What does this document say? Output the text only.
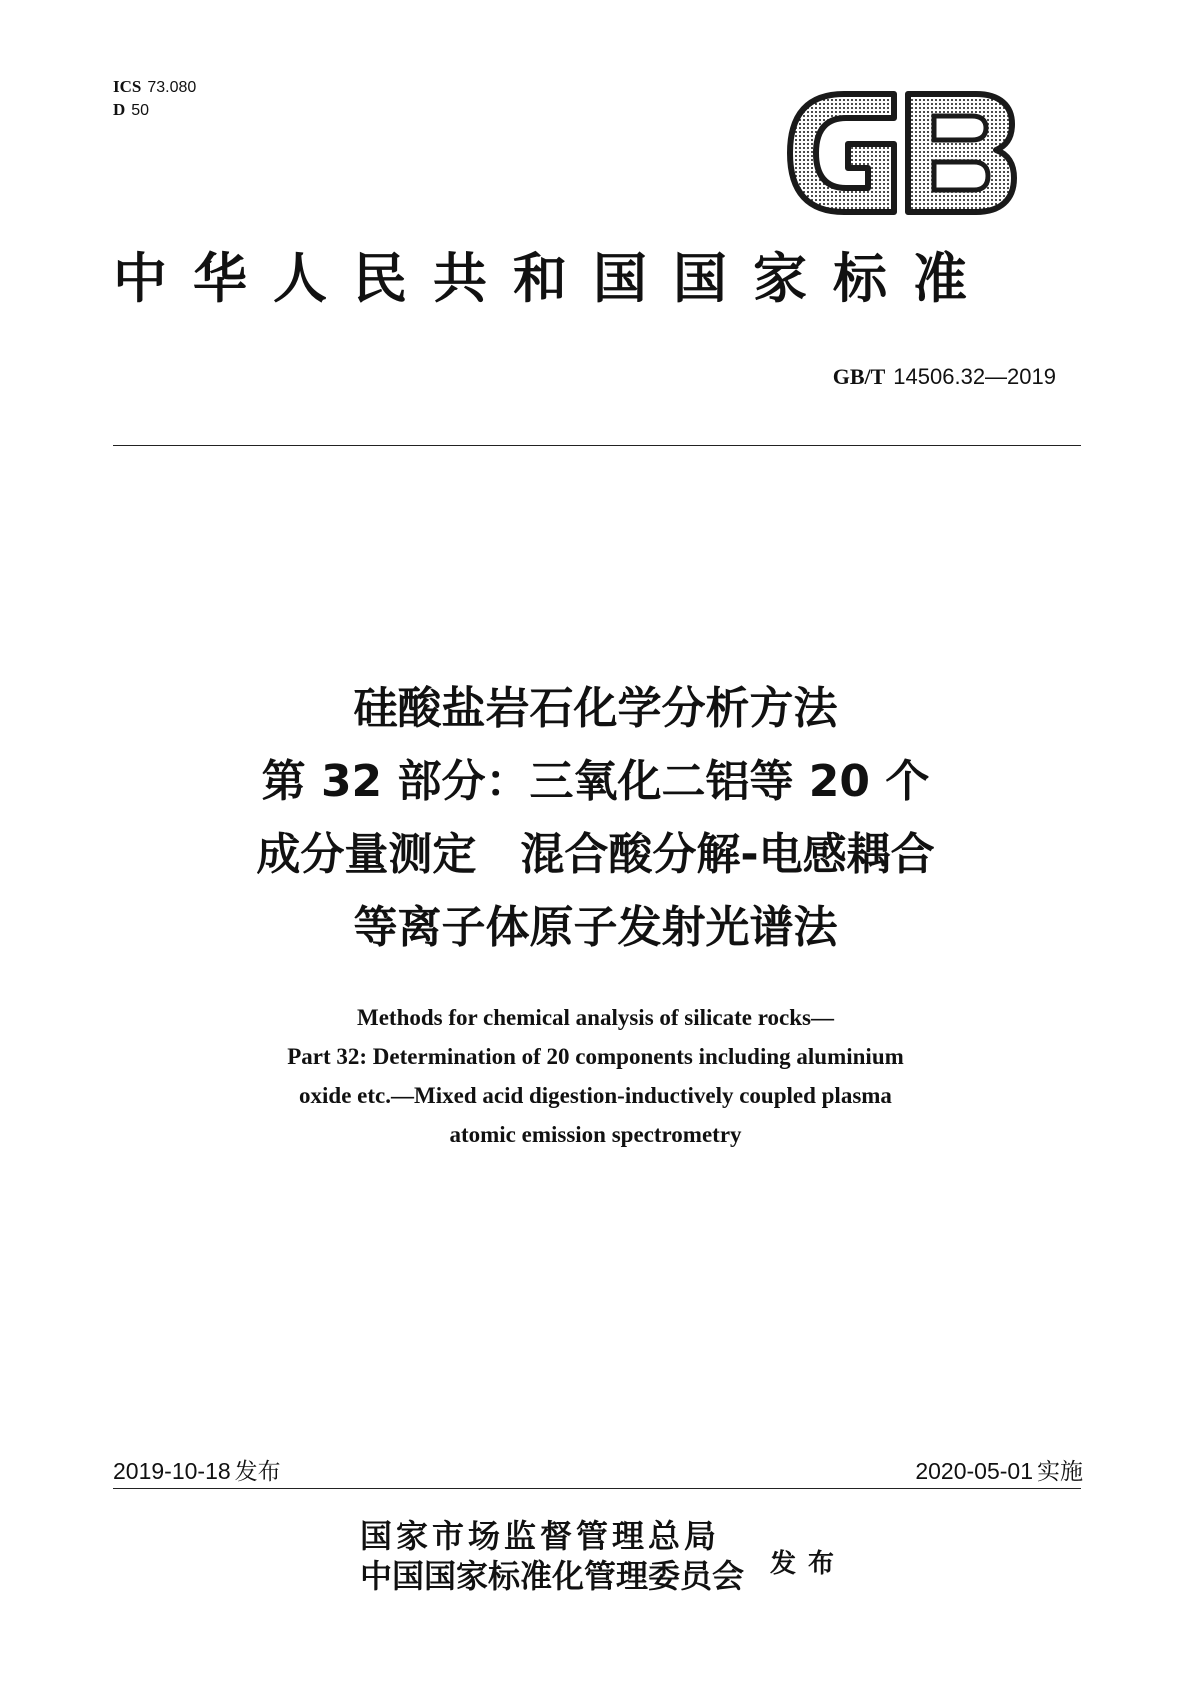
ICS 73.080
D 50
中华人民共和国国家标准
GB/T 14506.32—2019
硅酸盐岩石化学分析方法
第 32 部分：三氧化二铝等 20 个
成分量测定　混合酸分解-电感耦合
等离子体原子发射光谱法
Methods for chemical analysis of silicate rocks—
Part 32: Determination of 20 components including aluminium
oxide etc.—Mixed acid digestion-inductively coupled plasma
atomic emission spectrometry
2019-10-18 发布	2020-05-01 实施
国家市场监督管理总局
中国国家标准化管理委员会 发布
